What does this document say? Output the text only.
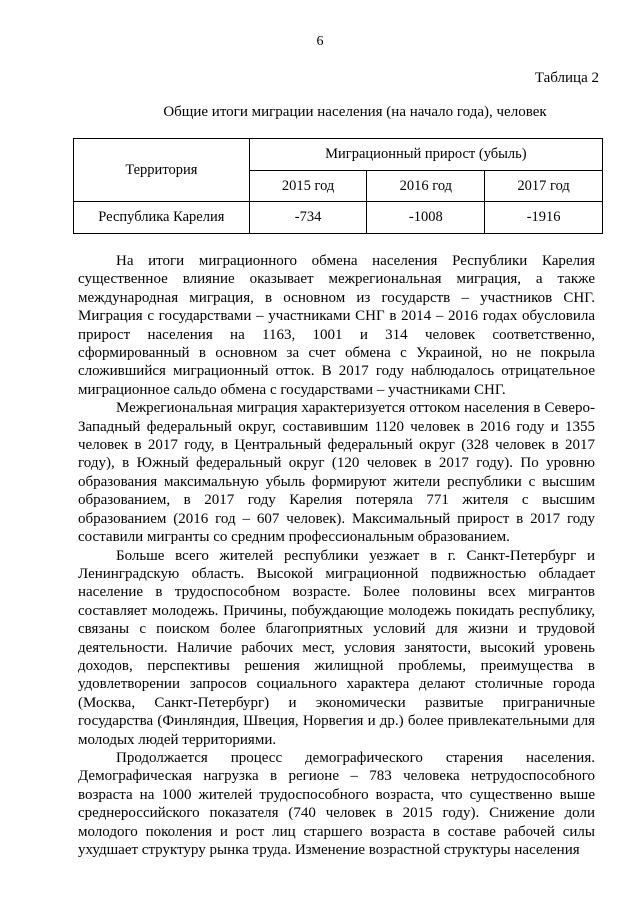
6
Таблица 2
Общие итоги миграции населения (на начало года), человек
Территория	Миграционный прирост (убыль)		
	2015 год	2016 год	2017 год
Республика Карелия	-734	-1008	-1916

На итоги миграционного обмена населения Республики Карелия существенное влияние оказывает межрегиональная миграция, а также международная миграция, в основном из государств – участников СНГ. Миграция с государствами – участниками СНГ в 2014 – 2016 годах обусловила прирост населения на 1163, 1001 и 314 человек соответственно, сформированный в основном за счет обмена с Украиной, но не покрыла сложившийся миграционный отток. В 2017 году наблюдалось отрицательное миграционное сальдо обмена с государствами – участниками СНГ.

Межрегиональная миграция характеризуется оттоком населения в Северо-Западный федеральный округ, составившим 1120 человек в 2016 году и 1355 человек в 2017 году, в Центральный федеральный округ (328 человек в 2017 году), в Южный федеральный округ (120 человек в 2017 году). По уровню образования максимальную убыль формируют жители республики с высшим образованием, в 2017 году Карелия потеряла 771 жителя с высшим образованием (2016 год – 607 человек). Максимальный прирост в 2017 году составили мигранты со средним профессиональным образованием.

Больше всего жителей республики уезжает в г. Санкт-Петербург и Ленинградскую область. Высокой миграционной подвижностью обладает население в трудоспособном возрасте. Более половины всех мигрантов составляет молодежь. Причины, побуждающие молодежь покидать республику, связаны с поиском более благоприятных условий для жизни и трудовой деятельности. Наличие рабочих мест, условия занятости, высокий уровень доходов, перспективы решения жилищной проблемы, преимущества в удовлетворении запросов социального характера делают столичные города (Москва, Санкт-Петербург) и экономически развитые приграничные государства (Финляндия, Швеция, Норвегия и др.) более привлекательными для молодых людей территориями.

Продолжается процесс демографического старения населения. Демографическая нагрузка в регионе – 783 человека нетрудоспособного возраста на 1000 жителей трудоспособного возраста, что существенно выше среднероссийского показателя (740 человек в 2015 году). Снижение доли молодого поколения и рост лиц старшего возраста в составе рабочей силы ухудшает структуру рынка труда. Изменение возрастной структуры населения
